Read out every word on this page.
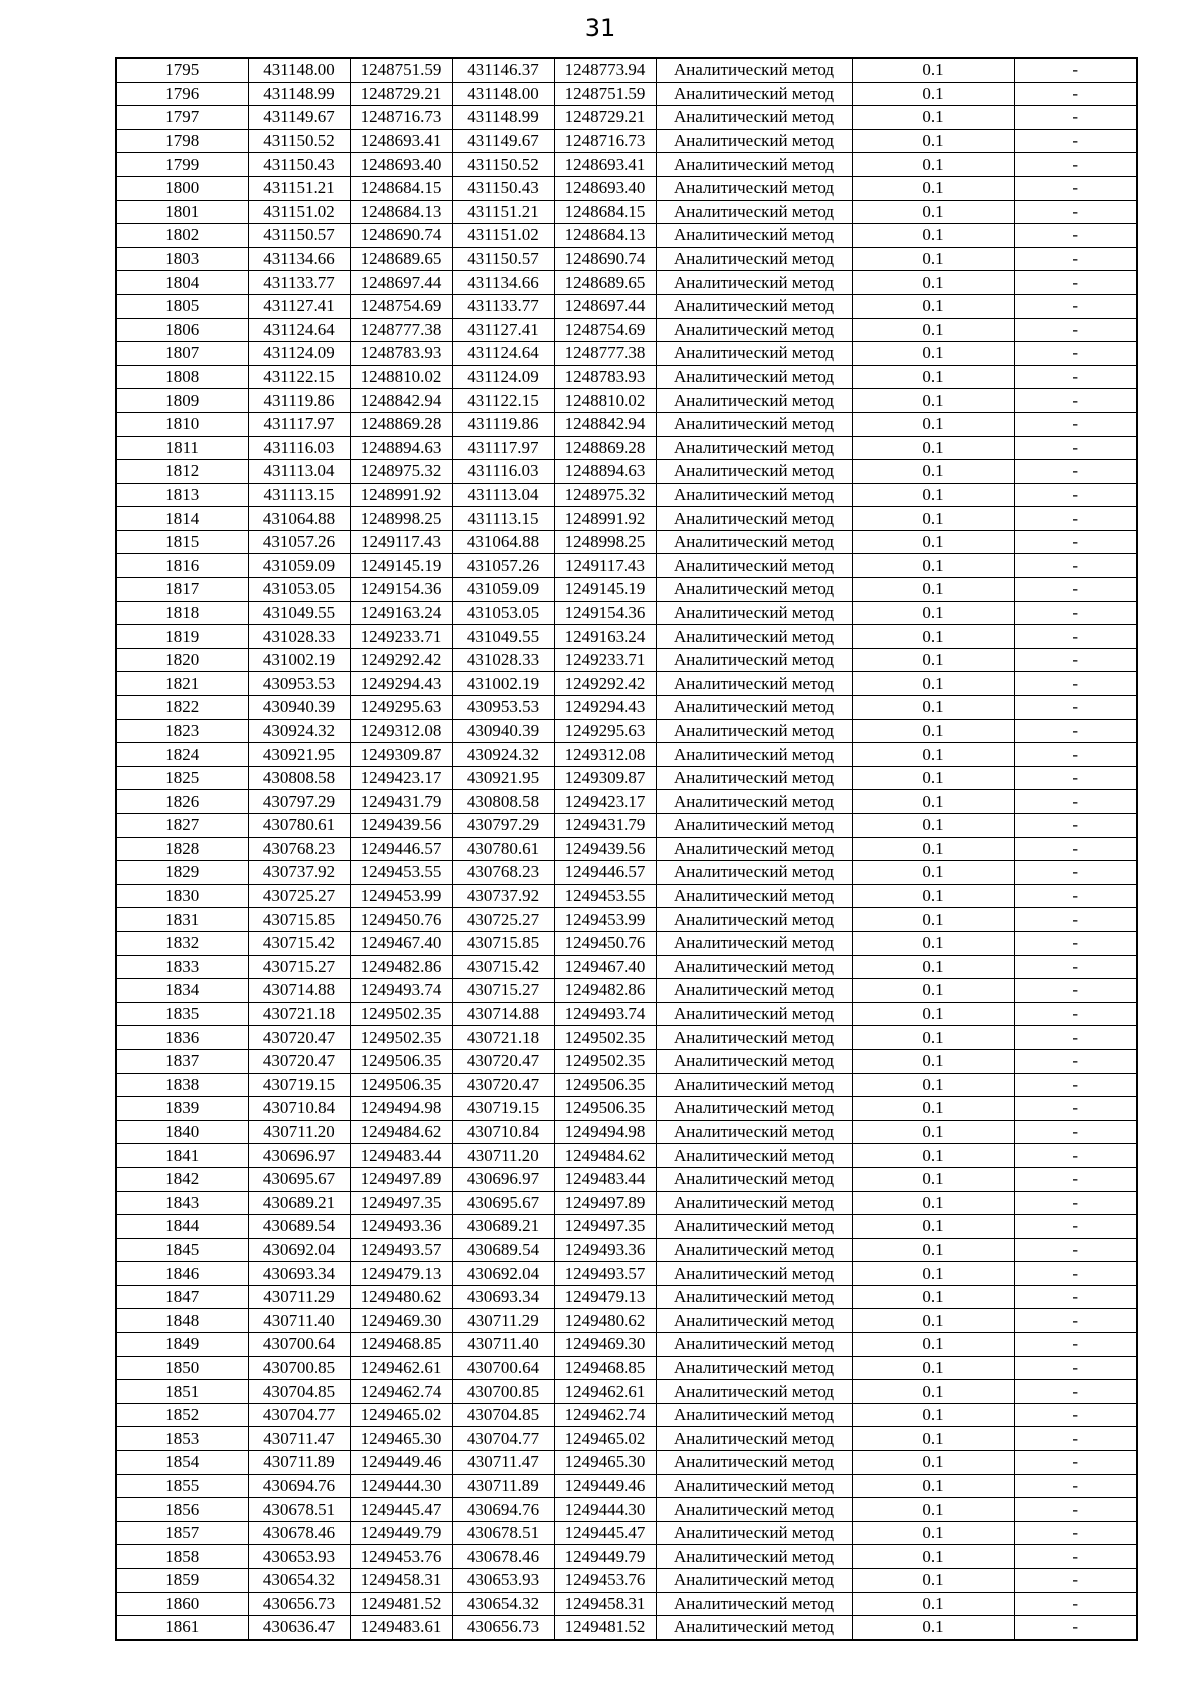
31
1795	431148.00	1248751.59	431146.37	1248773.94	Аналитический метод	0.1	-
1796	431148.99	1248729.21	431148.00	1248751.59	Аналитический метод	0.1	-
1797	431149.67	1248716.73	431148.99	1248729.21	Аналитический метод	0.1	-
1798	431150.52	1248693.41	431149.67	1248716.73	Аналитический метод	0.1	-
1799	431150.43	1248693.40	431150.52	1248693.41	Аналитический метод	0.1	-
1800	431151.21	1248684.15	431150.43	1248693.40	Аналитический метод	0.1	-
1801	431151.02	1248684.13	431151.21	1248684.15	Аналитический метод	0.1	-
1802	431150.57	1248690.74	431151.02	1248684.13	Аналитический метод	0.1	-
1803	431134.66	1248689.65	431150.57	1248690.74	Аналитический метод	0.1	-
1804	431133.77	1248697.44	431134.66	1248689.65	Аналитический метод	0.1	-
1805	431127.41	1248754.69	431133.77	1248697.44	Аналитический метод	0.1	-
1806	431124.64	1248777.38	431127.41	1248754.69	Аналитический метод	0.1	-
1807	431124.09	1248783.93	431124.64	1248777.38	Аналитический метод	0.1	-
1808	431122.15	1248810.02	431124.09	1248783.93	Аналитический метод	0.1	-
1809	431119.86	1248842.94	431122.15	1248810.02	Аналитический метод	0.1	-
1810	431117.97	1248869.28	431119.86	1248842.94	Аналитический метод	0.1	-
1811	431116.03	1248894.63	431117.97	1248869.28	Аналитический метод	0.1	-
1812	431113.04	1248975.32	431116.03	1248894.63	Аналитический метод	0.1	-
1813	431113.15	1248991.92	431113.04	1248975.32	Аналитический метод	0.1	-
1814	431064.88	1248998.25	431113.15	1248991.92	Аналитический метод	0.1	-
1815	431057.26	1249117.43	431064.88	1248998.25	Аналитический метод	0.1	-
1816	431059.09	1249145.19	431057.26	1249117.43	Аналитический метод	0.1	-
1817	431053.05	1249154.36	431059.09	1249145.19	Аналитический метод	0.1	-
1818	431049.55	1249163.24	431053.05	1249154.36	Аналитический метод	0.1	-
1819	431028.33	1249233.71	431049.55	1249163.24	Аналитический метод	0.1	-
1820	431002.19	1249292.42	431028.33	1249233.71	Аналитический метод	0.1	-
1821	430953.53	1249294.43	431002.19	1249292.42	Аналитический метод	0.1	-
1822	430940.39	1249295.63	430953.53	1249294.43	Аналитический метод	0.1	-
1823	430924.32	1249312.08	430940.39	1249295.63	Аналитический метод	0.1	-
1824	430921.95	1249309.87	430924.32	1249312.08	Аналитический метод	0.1	-
1825	430808.58	1249423.17	430921.95	1249309.87	Аналитический метод	0.1	-
1826	430797.29	1249431.79	430808.58	1249423.17	Аналитический метод	0.1	-
1827	430780.61	1249439.56	430797.29	1249431.79	Аналитический метод	0.1	-
1828	430768.23	1249446.57	430780.61	1249439.56	Аналитический метод	0.1	-
1829	430737.92	1249453.55	430768.23	1249446.57	Аналитический метод	0.1	-
1830	430725.27	1249453.99	430737.92	1249453.55	Аналитический метод	0.1	-
1831	430715.85	1249450.76	430725.27	1249453.99	Аналитический метод	0.1	-
1832	430715.42	1249467.40	430715.85	1249450.76	Аналитический метод	0.1	-
1833	430715.27	1249482.86	430715.42	1249467.40	Аналитический метод	0.1	-
1834	430714.88	1249493.74	430715.27	1249482.86	Аналитический метод	0.1	-
1835	430721.18	1249502.35	430714.88	1249493.74	Аналитический метод	0.1	-
1836	430720.47	1249502.35	430721.18	1249502.35	Аналитический метод	0.1	-
1837	430720.47	1249506.35	430720.47	1249502.35	Аналитический метод	0.1	-
1838	430719.15	1249506.35	430720.47	1249506.35	Аналитический метод	0.1	-
1839	430710.84	1249494.98	430719.15	1249506.35	Аналитический метод	0.1	-
1840	430711.20	1249484.62	430710.84	1249494.98	Аналитический метод	0.1	-
1841	430696.97	1249483.44	430711.20	1249484.62	Аналитический метод	0.1	-
1842	430695.67	1249497.89	430696.97	1249483.44	Аналитический метод	0.1	-
1843	430689.21	1249497.35	430695.67	1249497.89	Аналитический метод	0.1	-
1844	430689.54	1249493.36	430689.21	1249497.35	Аналитический метод	0.1	-
1845	430692.04	1249493.57	430689.54	1249493.36	Аналитический метод	0.1	-
1846	430693.34	1249479.13	430692.04	1249493.57	Аналитический метод	0.1	-
1847	430711.29	1249480.62	430693.34	1249479.13	Аналитический метод	0.1	-
1848	430711.40	1249469.30	430711.29	1249480.62	Аналитический метод	0.1	-
1849	430700.64	1249468.85	430711.40	1249469.30	Аналитический метод	0.1	-
1850	430700.85	1249462.61	430700.64	1249468.85	Аналитический метод	0.1	-
1851	430704.85	1249462.74	430700.85	1249462.61	Аналитический метод	0.1	-
1852	430704.77	1249465.02	430704.85	1249462.74	Аналитический метод	0.1	-
1853	430711.47	1249465.30	430704.77	1249465.02	Аналитический метод	0.1	-
1854	430711.89	1249449.46	430711.47	1249465.30	Аналитический метод	0.1	-
1855	430694.76	1249444.30	430711.89	1249449.46	Аналитический метод	0.1	-
1856	430678.51	1249445.47	430694.76	1249444.30	Аналитический метод	0.1	-
1857	430678.46	1249449.79	430678.51	1249445.47	Аналитический метод	0.1	-
1858	430653.93	1249453.76	430678.46	1249449.79	Аналитический метод	0.1	-
1859	430654.32	1249458.31	430653.93	1249453.76	Аналитический метод	0.1	-
1860	430656.73	1249481.52	430654.32	1249458.31	Аналитический метод	0.1	-
1861	430636.47	1249483.61	430656.73	1249481.52	Аналитический метод	0.1	-
